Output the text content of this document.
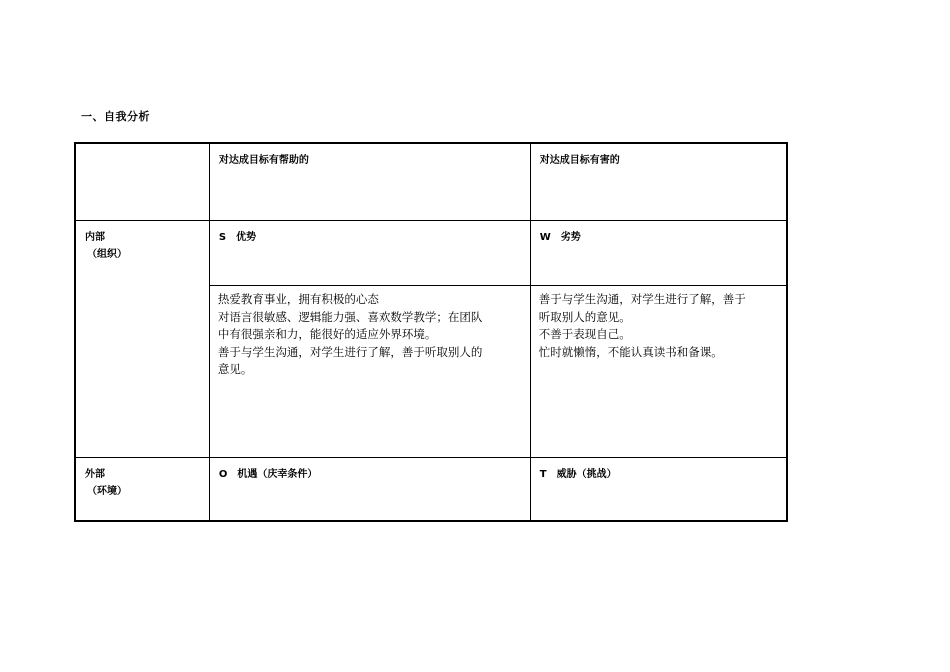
一、自我分析
	对达成目标有帮助的	对达成目标有害的

内部
（组织）	S　优势	W　劣势

	热爱教育事业，拥有积极的心态
对语言很敏感、逻辑能力强、喜欢数学教学；在团队
中有很强亲和力，能很好的适应外界环境。
善于与学生沟通，对学生进行了解，善于听取别人的
意见。	善于与学生沟通，对学生进行了解，善于
听取别人的意见。
不善于表现自己。
忙时就懒惰，不能认真读书和备课。

外部
（环境）	O　机遇（庆幸条件）	T　威胁（挑战）
